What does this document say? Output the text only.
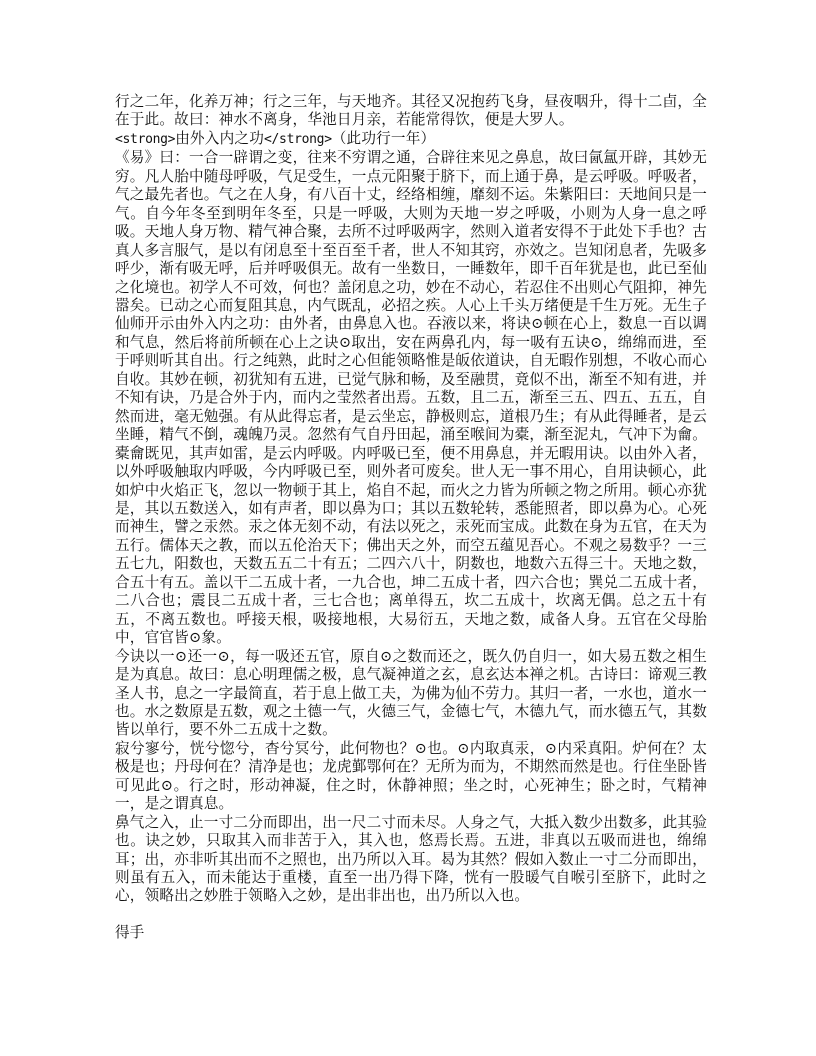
行之二年，化养万神；行之三年，与天地齐。其径又况抱药飞身，昼夜咽升，得十二卣，全在于此。故曰：神水不离身，华池日月亲，若能常得饮，便是大罗人。

<strong>由外入内之功</strong>（此功行一年）

《易》曰：一合一辟谓之变，往来不穷谓之通，合辟往来见之鼻息，故曰氤氲开辟，其妙无穷。凡人胎中随母呼吸，气足受生，一点元阳聚于脐下，而上通于鼻，是云呼吸。呼吸者，气之最先者也。气之在人身，有八百十丈，经络相缠，靡刻不运。朱紫阳曰：天地间只是一气。自今年冬至到明年冬至，只是一呼吸，大则为天地一岁之呼吸，小则为人身一息之呼吸。天地人身万物、精气神合聚，去所不过呼吸两字，然则入道者安得不于此处下手也？古真人多言服气，是以有闭息至十至百至千者，世人不知其窍，亦效之。岂知闭息者，先吸多呼少，渐有吸无呼，后并呼吸俱无。故有一坐数日，一睡数年，即千百年犹是也，此已至仙之化境也。初学人不可效，何也？盖闭息之功，妙在不动心，若忍住不出则心气阻抑，神先嚣矣。已动之心而复阻其息，内气既乱，必招之疾。人心上千头万绪便是千生万死。无生子仙师开示由外入内之功：由外者，由鼻息入也。吞液以来，将诀⊙顿在心上，数息一百以调和气息，然后将前所顿在心上之诀⊙取出，安在两鼻孔内，每一吸有五诀⊙，绵绵而进，至于呼则听其自出。行之纯熟，此时之心但能领略惟是皈依道诀，自无暇作别想，不收心而心自收。其妙在顿，初犹知有五进，已觉气脉和畅，及至融贯，竟似不出，渐至不知有进，并不知有诀，乃是合外于内，而内之莹然者出焉。五数，且二五，渐至三五、四五、五五，自然而进，毫无勉强。有从此得忘者，是云坐忘，静极则忘，道根乃生；有从此得睡者，是云坐睡，精气不倒，魂魄乃灵。忽然有气自丹田起，涌至喉间为橐，渐至泥丸，气冲下为龠。橐龠既见，其声如雷，是云内呼吸。内呼吸已至，便不用鼻息，并无暇用诀。以由外入者，以外呼吸触取内呼吸，今内呼吸已至，则外者可废矣。世人无一事不用心，自用诀顿心，此如炉中火焰正飞，忽以一物顿于其上，焰自不起，而火之力皆为所顿之物之所用。顿心亦犹是，其以五数送入，如有声者，即以鼻为口；其以五数轮转，悉能照者，即以鼻为心。心死而神生，譬之汞然。汞之体无刻不动，有法以死之，汞死而宝成。此数在身为五官，在天为五行。儒体天之教，而以五伦治天下；佛出天之外，而空五蕴见吾心。不观之易数乎？一三五七九，阳数也，天数五五二十有五；二四六八十，阴数也，地数六五得三十。天地之数，合五十有五。盖以干二五成十者，一九合也，坤二五成十者，四六合也；巽兑二五成十者，二八合也；震艮二五成十者，三七合也；离单得五，坎二五成十，坎离无偶。总之五十有五，不离五数也。呼接天根，吸接地根，大易衍五，天地之数，咸备人身。五官在父母胎中，官官皆⊙象。

今诀以一⊙还一⊙，每一吸还五官，原自⊙之数而还之，既久仍自归一，如大易五数之相生是为真息。故曰：息心明理儒之极，息气凝神道之玄，息玄达本禅之机。古诗曰：谛观三教圣人书，息之一字最简直，若于息上做工夫，为佛为仙不劳力。其归一者，一水也，道水一也。水之数原是五数，观之土德一气，火德三气，金德七气，木德九气，而水德五气，其数皆以单行，要不外二五成十之数。

寂兮寥兮，恍兮惚兮，杳兮冥兮，此何物也？⊙也。⊙内取真汞，⊙内采真阳。炉何在？太极是也；丹母何在？清净是也；龙虎鄞鄂何在？无所为而为，不期然而然是也。行住坐卧皆可见此⊙。行之时，形动神凝，住之时，休静神照；坐之时，心死神生；卧之时，气精神一，是之谓真息。

鼻气之入，止一寸二分而即出，出一尺二寸而未尽。人身之气，大抵入数少出数多，此其验也。诀之妙，只取其入而非苦于入，其入也，悠焉长焉。五进，非真以五吸而进也，绵绵耳；出，亦非听其出而不之照也，出乃所以入耳。曷为其然？假如入数止一寸二分而即出，则虽有五入，而未能达于重楼，直至一出乃得下降，恍有一股暖气自喉引至脐下，此时之心，领略出之妙胜于领略入之妙，是出非出也，出乃所以入也。

得手
